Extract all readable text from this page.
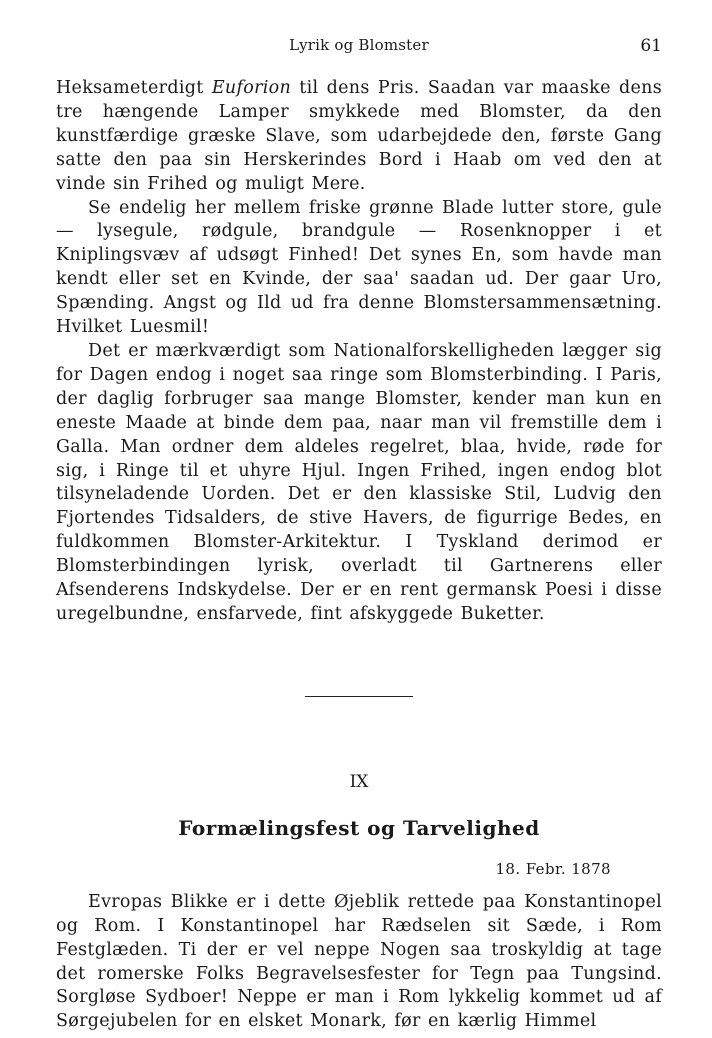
Lyrik og Blomster	61

Heksameterdigt Euforion til dens Pris. Saadan var maaske dens tre hængende Lamper smykkede med Blomster, da den kunstfærdige græske Slave, som udarbejdede den, første Gang satte den paa sin Herskerindes Bord i Haab om ved den at vinde sin Frihed og muligt Mere.

Se endelig her mellem friske grønne Blade lutter store, gule — lysegule, rødgule, brandgule — Rosenknopper i et Kniplingsvæv af udsøgt Finhed! Det synes En, som havde man kendt eller set en Kvinde, der saa' saadan ud. Der gaar Uro, Spænding. Angst og Ild ud fra denne Blomstersammensætning. Hvilket Luesmil!

Det er mærkværdigt som Nationalforskelligheden lægger sig for Dagen endog i noget saa ringe som Blomsterbinding. I Paris, der daglig forbruger saa mange Blomster, kender man kun en eneste Maade at binde dem paa, naar man vil fremstille dem i Galla. Man ordner dem aldeles regelret, blaa, hvide, røde for sig, i Ringe til et uhyre Hjul. Ingen Frihed, ingen endog blot tilsyneladende Uorden. Det er den klassiske Stil, Ludvig den Fjortendes Tidsalders, de stive Havers, de figurrige Bedes, en fuldkommen Blomster-Arkitektur. I Tyskland derimod er Blomsterbindingen lyrisk, overladt til Gartnerens eller Afsenderens Indskydelse. Der er en rent germansk Poesi i disse uregelbundne, ensfarvede, fint afskyggede Buketter.

IX
Formælingsfest og Tarvelighed
18. Febr. 1878

Evropas Blikke er i dette Øjeblik rettede paa Konstantinopel og Rom. I Konstantinopel har Rædselen sit Sæde, i Rom Festglæden. Ti der er vel neppe Nogen saa troskyldig at tage det romerske Folks Begravelsesfester for Tegn paa Tungsind. Sorgløse Sydboer! Neppe er man i Rom lykkelig kommet ud af Sørgejubelen for en elsket Monark, før en kærlig Himmel
